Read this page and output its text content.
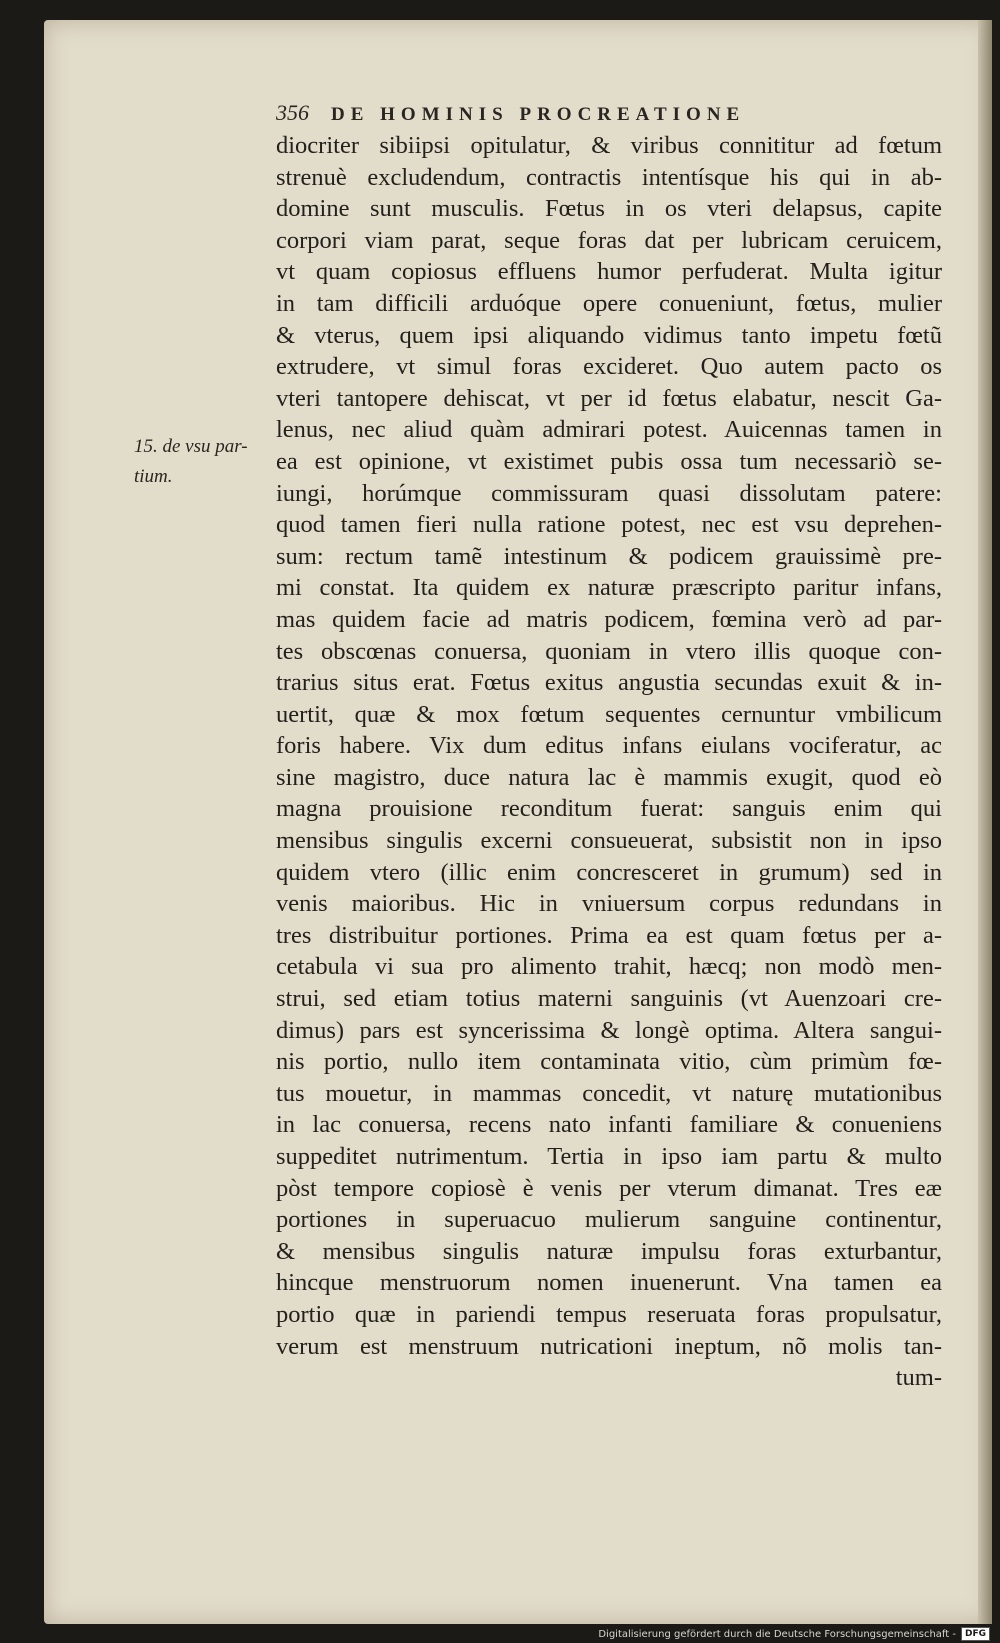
356 DE HOMINIS PROCREATIONE
15. de vsu par-
tium.
diocriter sibiipsi opitulatur, & viribus connititur ad fœtum
strenuè excludendum, contractis intentísque his qui in ab-
domine sunt musculis. Fœtus in os vteri delapsus, capite
corpori viam parat, seque foras dat per lubricam ceruicem,
vt quam copiosus effluens humor perfuderat. Multa igitur
in tam difficili arduóque opere conueniunt, fœtus, mulier
& vterus, quem ipsi aliquando vidimus tanto impetu fœtũ
extrudere, vt simul foras excideret. Quo autem pacto os
vteri tantopere dehiscat, vt per id fœtus elabatur, nescit Ga-
lenus, nec aliud quàm admirari potest. Auicennas tamen in
ea est opinione, vt existimet pubis ossa tum necessariò se-
iungi, horúmque commissuram quasi dissolutam patere:
quod tamen fieri nulla ratione potest, nec est vsu deprehen-
sum: rectum tamẽ intestinum & podicem grauissimè pre-
mi constat. Ita quidem ex naturæ præscripto paritur infans,
mas quidem facie ad matris podicem, fœmina verò ad par-
tes obscœnas conuersa, quoniam in vtero illis quoque con-
trarius situs erat. Fœtus exitus angustia secundas exuit & in-
uertit, quæ & mox fœtum sequentes cernuntur vmbilicum
foris habere. Vix dum editus infans eiulans vociferatur, ac
sine magistro, duce natura lac è mammis exugit, quod eò
magna prouisione reconditum fuerat: sanguis enim qui
mensibus singulis excerni consueuerat, subsistit non in ipso
quidem vtero (illic enim concresceret in grumum) sed in
venis maioribus. Hic in vniuersum corpus redundans in
tres distribuitur portiones. Prima ea est quam fœtus per a-
cetabula vi sua pro alimento trahit, hæcq; non modò men-
strui, sed etiam totius materni sanguinis (vt Auenzoari cre-
dimus) pars est syncerissima & longè optima. Altera sangui-
nis portio, nullo item contaminata vitio, cùm primùm fœ-
tus mouetur, in mammas concedit, vt naturę mutationibus
in lac conuersa, recens nato infanti familiare & conueniens
suppeditet nutrimentum. Tertia in ipso iam partu & multo
pòst tempore copiosè è venis per vterum dimanat. Tres eæ
portiones in superuacuo mulierum sanguine continentur,
& mensibus singulis naturæ impulsu foras exturbantur,
hincque menstruorum nomen inuenerunt. Vna tamen ea
portio quæ in pariendi tempus reseruata foras propulsatur,
verum est menstruum nutricationi ineptum, nõ molis tan-
tum-
Digitalisierung gefördert durch die Deutsche Forschungsgemeinschaft -	DFG
